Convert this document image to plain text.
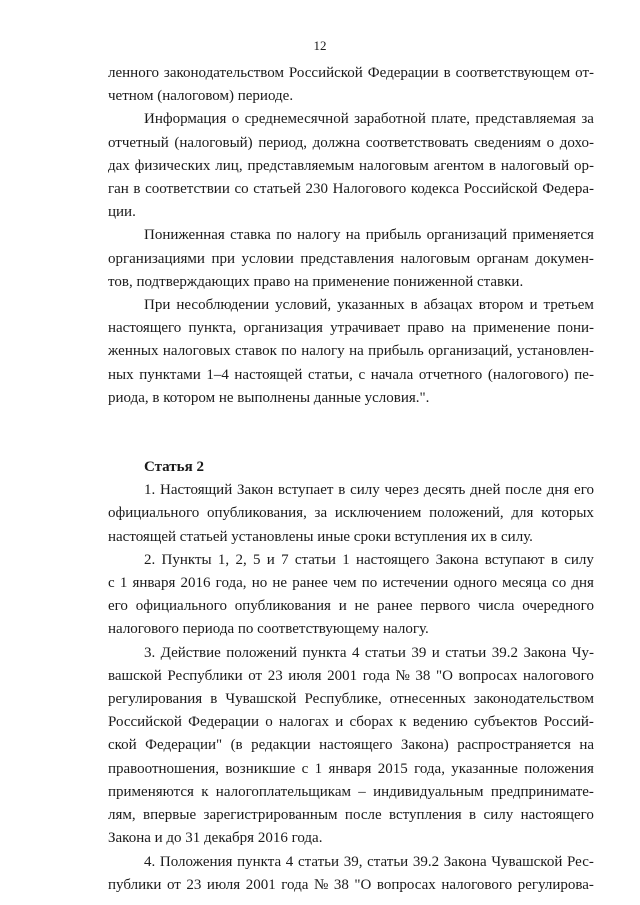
12
ленного законодательством Российской Федерации в соответствующем от-
четном (налоговом) периоде.
Информация о среднемесячной заработной плате, представляемая за
отчетный (налоговый) период, должна соответствовать сведениям о дохо-
дах физических лиц, представляемым налоговым агентом в налоговый ор-
ган в соответствии со статьей 230 Налогового кодекса Российской Федера-
ции.
Пониженная ставка по налогу на прибыль организаций применяется
организациями при условии представления налоговым органам докумен-
тов, подтверждающих право на применение пониженной ставки.
При несоблюдении условий, указанных в абзацах втором и третьем
настоящего пункта, организация утрачивает право на применение пони-
женных налоговых ставок по налогу на прибыль организаций, установлен-
ных пунктами 1–4 настоящей статьи, с начала отчетного (налогового) пе-
риода, в котором не выполнены данные условия.".
Статья 2
1. Настоящий Закон вступает в силу через десять дней после дня его
официального опубликования, за исключением положений, для которых
настоящей статьей установлены иные сроки вступления их в силу.
2. Пункты 1, 2, 5 и 7 статьи 1 настоящего Закона вступают в силу
с 1 января 2016 года, но не ранее чем по истечении одного месяца со дня
его официального опубликования и не ранее первого числа очередного
налогового периода по соответствующему налогу.
3. Действие положений пункта 4 статьи 39 и статьи 39.2 Закона Чу-
вашской Республики от 23 июля 2001 года № 38 "О вопросах налогового
регулирования в Чувашской Республике, отнесенных законодательством
Российской Федерации о налогах и сборах к ведению субъектов Россий-
ской Федерации" (в редакции настоящего Закона) распространяется на
правоотношения, возникшие с 1 января 2015 года, указанные положения
применяются к налогоплательщикам – индивидуальным предпринимате-
лям, впервые зарегистрированным после вступления в силу настоящего
Закона и до 31 декабря 2016 года.
4. Положения пункта 4 статьи 39, статьи 39.2 Закона Чувашской Рес-
публики от 23 июля 2001 года № 38 "О вопросах налогового регулирова-
